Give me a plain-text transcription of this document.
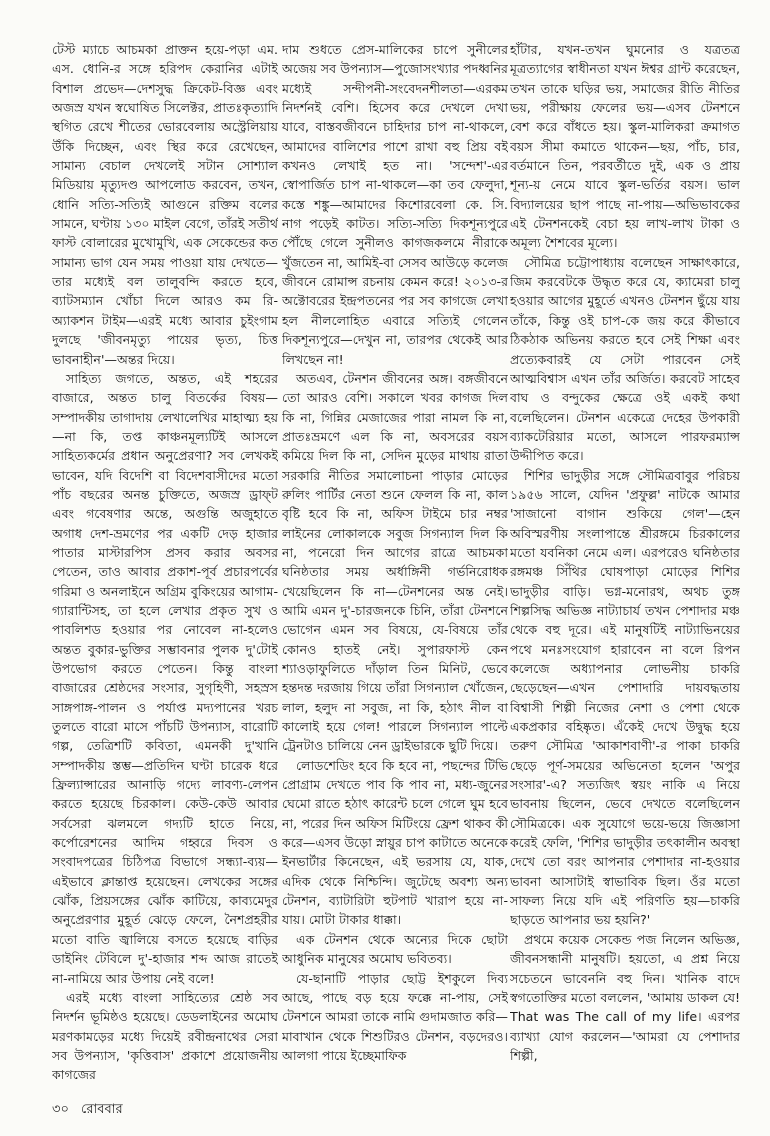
টেস্ট ম্যাচে আচমকা প্রাক্তন হয়ে-পড়া এম. এস. ধোনি-র সঙ্গে হরিপদ কেরানির এটাই বিশাল প্রভেদ—দেশসুদ্ধ ক্রিকেট-বিজ্ঞ এবং অজস্র যখন স্বঘোষিত সিলেক্টর, প্রাতঃকৃত্যাদি স্থগিত রেখে শীতের ভোরবেলায় অস্ট্রেলিয়ায় উঁকি দিচ্ছেন, এবং স্থির করে রেখেছেন, সামান্য বেচাল দেখলেই সটান সোশ্যাল মিডিয়ায় মৃত্যুদণ্ড আপলোড করবেন, তখন, ধোনি সত্যি-সত্যিই আগুনে রক্তিম বলের সামনে, ঘণ্টায় ১৩০ মাইল বেগে, তাঁরই সতীর্থ ফাস্ট বোলারের মুখোমুখি, এক সেকেন্ডের কত সামান্য ভাগ যেন সময় পাওয়া যায় দেখতে—তার মধ্যেই বল তালুবন্দি করতে হবে, ব্যাটসম্যান খোঁচা দিলে আরও কম রি-অ্যাকশন টাইম—এরই মধ্যে আবার চুইংগাম দুলছে 'জীবনমৃত্যু পায়ের ভৃত্য, চিত্ত ভাবনাহীন'—অন্তর দিয়ে।

সাহিত্য জগতে, অন্তত, এই শহরের বাজারে, অন্তত চালু বিতর্কের বিষয়—সম্পাদকীয় তাগাদায় লেখালেখির মাহাত্ম্য হয়—না কি, তপ্ত কাঞ্চনমূল্যটিই আসলে সাহিত্যকর্মের প্রধান অনুপ্রেরণা? সব লেখকই ভাবেন, যদি বিদেশি বা বিদেশবাসীদের মতো পাঁচ বছরের অনন্ত চুক্তিতে, অজস্র ড্রাফ্‌ট এবং গবেষণার অন্তে, অগুন্তি অজুহাতে অগাধ দেশ-ভ্রমণের পর একটি দেড় হাজার পাতার মাস্টারপিস প্রসব করার অবসর পেতেন, তাও আবার প্রকাশ-পূর্ব প্রচারপর্বের গরিমা ও অনলাইনে অগ্রিম বুকিংয়ের আগাম-গ্যারান্টিসহ, তা হলে লেখার প্রকৃত সুখ ও পাবলিশড হওয়ার পর নোবেল না-হলেও অন্তত বুকার-ভুক্তির সম্ভাবনার পুলক দু'টোই উপভোগ করতে পেতেন। কিন্তু বাংলা বাজারের শ্রেষ্ঠদের সংসার, সুগৃহিণী, সহস্রস সাঙ্গপাঙ্গ-পালন ও পর্যাপ্ত মদ্যপানের খরচ তুলতে বারো মাসে পাঁচটি উপন্যাস, বারোটি গল্প, তেত্রিশটি কবিতা, এমনকী দু'খানি সম্পাদকীয় স্তম্ভ—প্রতিদিন ঘণ্টা চারেক ধরে ফ্রিল্যান্সারের আনাড়ি গদ্যে লাবণ্য-লেপন করতে হয়েছে চিরকাল। কেউ-কেউ আবার সর্বসেরা ঝলমলে গদ্যটি হাতে নিয়ে, কর্পোরেশনের আদিম গহ্বরে দিবস ও সংবাদপত্রের চিঠিপত্র বিভাগে সন্ধ্যা-ব্যয়—এইভাবে ক্লান্তাপ্ত হয়েছেন। লেখকের সঙ্গের ঝোঁক, প্রিয়সঙ্গের ঝোঁক কাটিয়ে, কাব্যমেদুর অনুপ্রেরণার মুহূর্ত ঝেড়ে ফেলে, নৈশপ্রহরীর মতো বাতি জ্বালিয়ে বসতে হয়েছে বাড়ির ডাইনিং টেবিলে দু'-হাজার শব্দ আজ রাতেই না-নামিয়ে আর উপায় নেই বলে!

এরই মধ্যে বাংলা সাহিত্যের শ্রেষ্ঠ সব নিদর্শন ভূমিষ্ঠও হয়েছে। ডেডলাইনের অমোঘ মরণকামড়ের মধ্যে দিয়েই রবীন্দ্রনাথের সেরা সব উপন্যাস, 'কৃত্তিবাস' প্রকাশে প্রয়োজনীয় কাগজের

দাম শুধতে প্রেস-মালিকের চাপে সুনীলের অজেয় সব উপন্যাস—পুজোসংখ্যার পদধ্বনির মধ্যেই সন্দীপনী-সংবেদনশীলতা—এরকম নিদর্শনই বেশি। হিসেব করে দেখলে দেখা যাবে, বাস্তবজীবনে চাহিদার চাপ না-থাকলে, আমাদের বালিশের পাশে রাখা বহু প্রিয় বই কখনও লেখাই হত না। 'সন্দেশ'-এর স্বোপার্জিত চাপ না-থাকলে—কা তব ফেলুদা, কস্তে শঙ্কু—আমাদের কিশোরবেলা কে. সি. নাগ পড়েই কাটত। সত্যি-সত্যি দিকশূন্যপুরে পৌঁছে গেলে সুনীলও কাগজকলমে নীরাকে খুঁজতেন না, আমিই-বা সেসব আউড়ে কলেজ জীবনে রোমান্স রচনায় কেমন করে! ২০১৩-র অক্টোবরের ইন্দ্রপতনের পর সব কাগজে লেখা হল নীললোহিত এবারে সত্যিই গেলেন দিকশূন্যপুরে—দেখুন না, তারপর থেকেই আর লিখছেন না!

অতএব, টেনশন জীবনের অঙ্গ। বঙ্গজীবনে তো আরও বেশি। সকালে খবর কাগজ দিল কি না, গিন্নির মেজাজের পারা নামল কি না, প্রাতঃভ্রমণে এল কি না, অবসরের বয়স কমিয়ে দিল কি না, সেদিন মুড়ের মাথায় রাতা সরকারি নীতির সমালোচনা পাড়ার মোড়ের রুলিং পার্টির নেতা শুনে ফেলল কি না, কাল বৃষ্টি হবে কি না, অফিস টাইমে চার নম্বর লাইনের লোকালকে সবুজ সিগন্যাল দিল কি না, পনেরো দিন আগের রাত্রে আচমকা ঘনিষ্ঠতার সময় অর্ধাঙ্গিনী গর্ভনিরোধক খেয়েছিলেন কি না—টেনশনের অন্ত নেই। আমি এমন দু'-চারজনকে চিনি, তাঁরা টেনশনে ভোগেন এমন সব বিষয়ে, যে-বিষয়ে তাঁর কোনও হাতই নেই। সুপারফাস্ট কেন শ্যাওড়াফুলিতে দাঁড়াল তিন মিনিট, ভেবে হন্তদন্ত দরজায় গিয়ে তাঁরা সিগন্যাল খোঁজেন, লাল, হলুদ না সবুজ, না কি, হঠাৎ নীল বা কালোই হয়ে গেল! পারলে সিগন্যাল পাল্টে ট্রেনটাও চালিয়ে নেন ড্রাইভারকে ছুটি দিয়ে।

লোডশেডিং হবে কি হবে না, পছন্দের টিভি প্রোগ্রাম দেখতে পাব কি পাব না, মধ্য-জুনের ঘেমো রাতে হঠাৎ কারেন্ট চলে গেলে ঘুম হবে না, পরের দিন অফিস মিটিংয়ে ফ্রেশ থাকব কী করে—এসব উড়ো স্নায়ুর চাপ কাটাতে অনেকে ইনভার্টার কিনেছেন, এই ভরসায় যে, যাক, এদিক থেকে নিশ্চিন্দি। জুটেছে অবশ্য অন্য টেনশন, ব্যাটারিটা হুটপাট খারাপ হয়ে না-যায়। মোটা টাকার ধাক্কা।

এক টেনশন থেকে অন্যের দিকে ছোটা আধুনিক মানুষের অমোঘ ভবিতব্য।

যে-ছানাটি পাড়ার ছোট্ট ইশকুলে দিব্য আছে, পাছে বড় হয়ে ফক্কে না-পায়, সেই টেনশনে আমরা তাকে নামি গুদামজাত করি—মাবাখান থেকে শিশুটিরও টেনশন, বড়দেরও। আলগা পায়ে ইচ্ছেমাফিক

হাঁটার, যখন-তখন ঘুমনোর ও যত্রতত্র মূত্রত্যাগের স্বাধীনতা যখন ঈশ্বর গ্রান্ট করেছেন, তখন তাকে ঘড়ির ভয়, সমাজের রীতি নীতির ভয়, পরীক্ষায় ফেলের ভয়—এসব টেনশনে বেশ করে বাঁধতে হয়। স্কুল-মালিকরা ক্রমাগত বয়স সীমা কমাতে থাকেন—ছয়, পাঁচ, চার, বর্তমানে তিন, পরবর্তীতে দুই, এক ও প্রায় শূন্য-য় নেমে যাবে স্কুল-ভর্তির বয়স। ভাল বিদ্যালয়ের ছাপ পাছে না-পায়—অভিভাবকের এই টেনশনকেই বেচা হয় লাখ-লাখ টাকা ও অমূল্য শৈশবের মূল্যে।

সৌমিত্র চট্টোপাধ্যায় বলেছেন সাক্ষাৎকারে, জিম করবেটকে উদ্ধৃত করে যে, ক্যামেরা চালু হওয়ার আগের মুহূর্তে এখনও টেনশন ছুঁয়ে যায় তাঁকে, কিন্তু ওই চাপ-কে জয় করে কীভাবে ঠিকঠাক অভিনয় করতে হবে সেই শিক্ষা এবং প্রত্যেকবারই যে সেটা পারবেন সেই আত্মবিশ্বাস এখন তাঁর অর্জিত। করবেট সাহেব বাঘ ও বন্দুকের ক্ষেত্রে ওই একই কথা বলেছিলেন। টেনশন একেত্রে দেহের উপকারী ব্যাকটেরিয়ার মতো, আসলে পারফরম্যান্স উদ্দীপিত করে।

শিশির ভাদুড়ীর সঙ্গে সৌমিত্রবাবুর পরিচয় ১৯৫৬ সালে, যেদিন 'প্রফুল্ল' নাটকে আমার 'সাজানো বাগান শুকিয়ে গেল'—হেন অবিস্মরণীয় সংলাপান্তে শ্রীরঙ্গমে চিরকালের মতো যবনিকা নেমে এল। এরপরেও ঘনিষ্ঠতার রঙ্গমঞ্চ সিঁথির ঘোষপাড়া মোড়ের শিশির ভাদুড়ীর বাড়ি। ভগ্ন-মনোরথ, অথচ তুঙ্গ শিল্পসিদ্ধ অভিজ্ঞ নাট্যাচার্য তখন পেশাদার মঞ্চ থেকে বহু দূরে। এই মানুষটিই নাট্যাভিনয়ের পথে মনঃসংযোগ হারাবেন না বলে রিপন কলেজে অধ্যাপনার লোভনীয় চাকরি ছেড়েছেন—এখন পেশাদারি দায়বদ্ধতায় বিশ্বাসী শিল্পী নিজের নেশা ও পেশা থেকে একপ্রকার বহিষ্কৃত। এঁকেই দেখে উদ্বুদ্ধ হয়ে তরুণ সৌমিত্র 'আকাশবাণী'-র পাকা চাকরি ছেড়ে পূর্ণ-সময়ের অভিনেতা হলেন 'অপুর সংসার'-এ? সত্যজিৎ স্বয়ং নাকি এ নিয়ে ভাবনায় ছিলেন, ভেবে দেখতে বলেছিলেন সৌমিত্রকে। এক সুযোগে ভয়ে-ভয়ে জিজ্ঞাসা করেই ফেলি, 'শিশির ভাদুড়ীর তৎকালীন অবস্থা দেখে তো বরং আপনার পেশাদার না-হওয়ার ভাবনা আসাটাই স্বাভাবিক ছিল। ওঁর মতো সাফল্য নিয়ে যদি এই পরিণতি হয়—চাকরি ছাড়তে আপনার ভয় হয়নি?'

প্রথমে কয়েক সেকেন্ড পজ নিলেন অভিজ্ঞ, জীবনসন্ধানী মানুষটি। হয়তো, এ প্রশ্ন নিয়ে সচেতনে ভাবেননি বহু দিন। খানিক বাদে স্বগতোক্তির মতো বললেন, 'আমায় ডাকল যে! That was The call of my life। এরপর ব্যাখ্যা যোগ করলেন—'আমরা যে পেশাদার শিল্পী,

৩০ রোববার
